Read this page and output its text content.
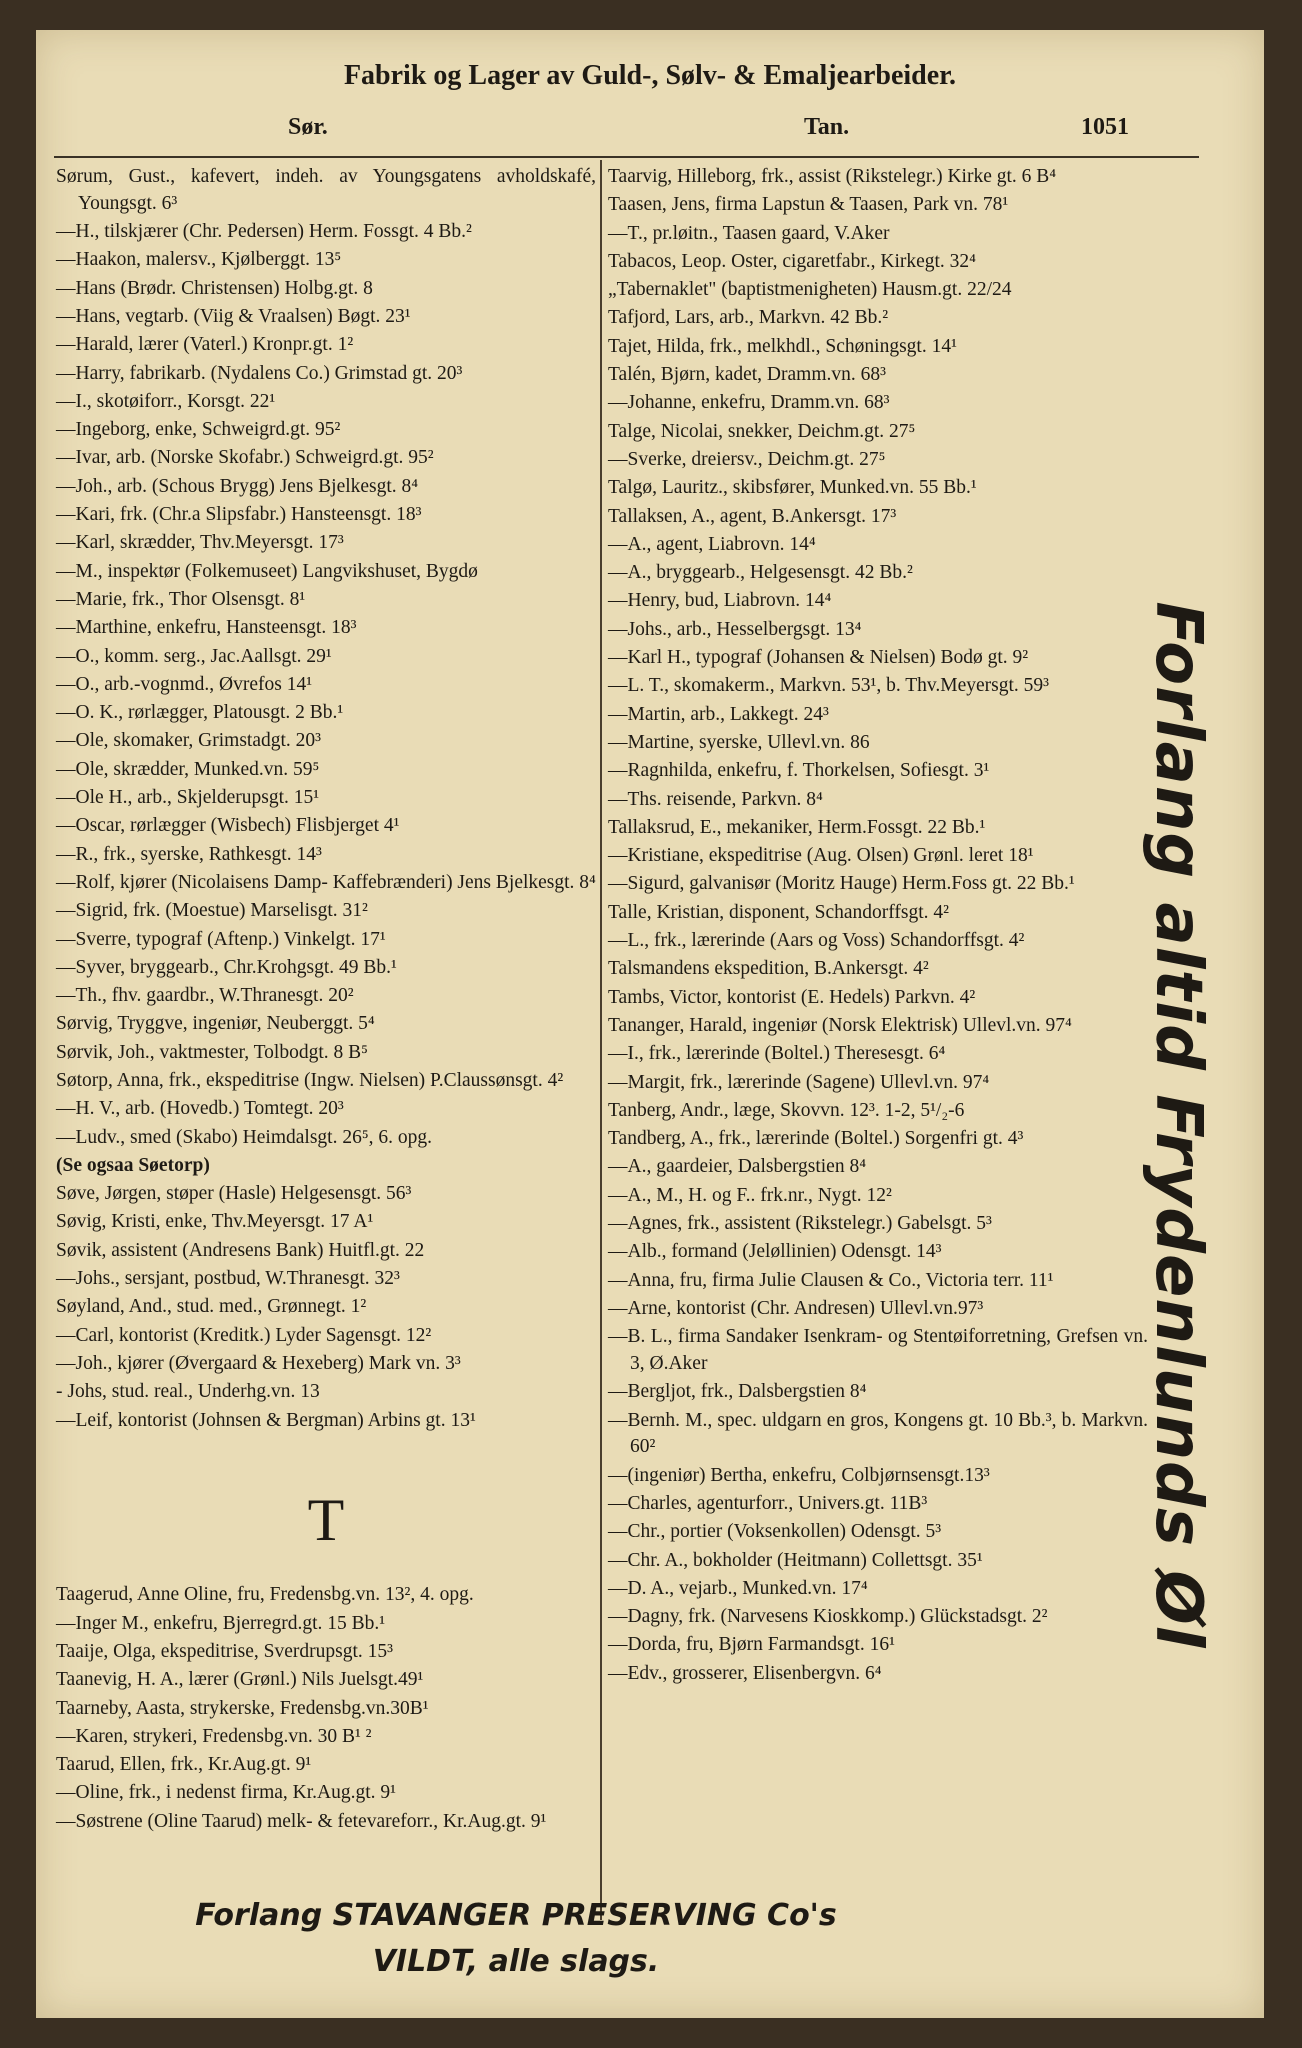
Fabrik og Lager av Guld-, Sølv- & Emaljearbeider.
Sør.	Tan.	1051

Sørum, Gust., kafevert, indeh. av Youngsgatens avholdskafé, Youngsgt. 6³

—H., tilskjærer (Chr. Pedersen) Herm. Fossgt. 4 Bb.²

—Haakon, malersv., Kjølberggt. 13⁵

—Hans (Brødr. Christensen) Holbg.gt. 8

—Hans, vegtarb. (Viig & Vraalsen) Bøgt. 23¹

—Harald, lærer (Vaterl.) Kronpr.gt. 1²

—Harry, fabrikarb. (Nydalens Co.) Grimstad gt. 20³

—I., skotøiforr., Korsgt. 22¹

—Ingeborg, enke, Schweigrd.gt. 95²

—Ivar, arb. (Norske Skofabr.) Schweigrd.gt. 95²

—Joh., arb. (Schous Brygg) Jens Bjelkesgt. 8⁴

—Kari, frk. (Chr.a Slipsfabr.) Hansteensgt. 18³

—Karl, skrædder, Thv.Meyersgt. 17³

—M., inspektør (Folkemuseet) Langvikshuset, Bygdø

—Marie, frk., Thor Olsensgt. 8¹

—Marthine, enkefru, Hansteensgt. 18³

—O., komm. serg., Jac.Aallsgt. 29¹

—O., arb.-vognmd., Øvrefos 14¹

—O. K., rørlægger, Platousgt. 2 Bb.¹

—Ole, skomaker, Grimstadgt. 20³

—Ole, skrædder, Munked.vn. 59⁵

—Ole H., arb., Skjelderupsgt. 15¹

—Oscar, rørlægger (Wisbech) Flisbjerget 4¹

—R., frk., syerske, Rathkesgt. 14³

—Rolf, kjører (Nicolaisens Damp- Kaffebrænderi) Jens Bjelkesgt. 8⁴

—Sigrid, frk. (Moestue) Marselisgt. 31²

—Sverre, typograf (Aftenp.) Vinkelgt. 17¹

—Syver, bryggearb., Chr.Krohgsgt. 49 Bb.¹

—Th., fhv. gaardbr., W.Thranesgt. 20²

Sørvig, Tryggve, ingeniør, Neuberggt. 5⁴

Sørvik, Joh., vaktmester, Tolbodgt. 8 B⁵

Søtorp, Anna, frk., ekspeditrise (Ingw. Nielsen) P.Claussønsgt. 4²

—H. V., arb. (Hovedb.) Tomtegt. 20³

—Ludv., smed (Skabo) Heimdalsgt. 26⁵, 6. opg.

(Se ogsaa Søetorp)

Søve, Jørgen, støper (Hasle) Helgesensgt. 56³

Søvig, Kristi, enke, Thv.Meyersgt. 17 A¹

Søvik, assistent (Andresens Bank) Huitfl.gt. 22

—Johs., sersjant, postbud, W.Thranesgt. 32³

Søyland, And., stud. med., Grønnegt. 1²

—Carl, kontorist (Kreditk.) Lyder Sagensgt. 12²

—Joh., kjører (Øvergaard & Hexeberg) Mark vn. 3³

- Johs, stud. real., Underhg.vn. 13

—Leif, kontorist (Johnsen & Bergman) Arbins gt. 13¹

T

Taagerud, Anne Oline, fru, Fredensbg.vn. 13², 4. opg.

—Inger M., enkefru, Bjerregrd.gt. 15 Bb.¹

Taaije, Olga, ekspeditrise, Sverdrupsgt. 15³

Taanevig, H. A., lærer (Grønl.) Nils Juelsgt.49¹

Taarneby, Aasta, strykerske, Fredensbg.vn.30B¹

—Karen, strykeri, Fredensbg.vn. 30 B¹ ²

Taarud, Ellen, frk., Kr.Aug.gt. 9¹

—Oline, frk., i nedenst firma, Kr.Aug.gt. 9¹

—Søstrene (Oline Taarud) melk- & fetevareforr., Kr.Aug.gt. 9¹

Taarvig, Hilleborg, frk., assist (Rikstelegr.) Kirke gt. 6 B⁴

Taasen, Jens, firma Lapstun & Taasen, Park vn. 78¹

—T., pr.løitn., Taasen gaard, V.Aker

Tabacos, Leop. Oster, cigaretfabr., Kirkegt. 32⁴

„Tabernaklet" (baptistmenigheten) Hausm.gt. 22/24

Tafjord, Lars, arb., Markvn. 42 Bb.²

Tajet, Hilda, frk., melkhdl., Schøningsgt. 14¹

Talén, Bjørn, kadet, Dramm.vn. 68³

—Johanne, enkefru, Dramm.vn. 68³

Talge, Nicolai, snekker, Deichm.gt. 27⁵

—Sverke, dreiersv., Deichm.gt. 27⁵

Talgø, Lauritz., skibsfører, Munked.vn. 55 Bb.¹

Tallaksen, A., agent, B.Ankersgt. 17³

—A., agent, Liabrovn. 14⁴

—A., bryggearb., Helgesensgt. 42 Bb.²

—Henry, bud, Liabrovn. 14⁴

—Johs., arb., Hesselbergsgt. 13⁴

—Karl H., typograf (Johansen & Nielsen) Bodø gt. 9²

—L. T., skomakerm., Markvn. 53¹, b. Thv.Meyersgt. 59³

—Martin, arb., Lakkegt. 24³

—Martine, syerske, Ullevl.vn. 86

—Ragnhilda, enkefru, f. Thorkelsen, Sofiesgt. 3¹

—Ths. reisende, Parkvn. 8⁴

Tallaksrud, E., mekaniker, Herm.Fossgt. 22 Bb.¹

—Kristiane, ekspeditrise (Aug. Olsen) Grønl. leret 18¹

—Sigurd, galvanisør (Moritz Hauge) Herm.Foss gt. 22 Bb.¹

Talle, Kristian, disponent, Schandorffsgt. 4²

—L., frk., lærerinde (Aars og Voss) Schandorffsgt. 4²

Talsmandens ekspedition, B.Ankersgt. 4²

Tambs, Victor, kontorist (E. Hedels) Parkvn. 4²

Tananger, Harald, ingeniør (Norsk Elektrisk) Ullevl.vn. 97⁴

—I., frk., lærerinde (Boltel.) Theresesgt. 6⁴

—Margit, frk., lærerinde (Sagene) Ullevl.vn. 97⁴

Tanberg, Andr., læge, Skovvn. 12³. 1-2, 5¹/₂-6

Tandberg, A., frk., lærerinde (Boltel.) Sorgenfri gt. 4³

—A., gaardeier, Dalsbergstien 8⁴

—A., M., H. og F.. frk.nr., Nygt. 12²

—Agnes, frk., assistent (Rikstelegr.) Gabelsgt. 5³

—Alb., formand (Jeløllinien) Odensgt. 14³

—Anna, fru, firma Julie Clausen & Co., Victoria terr. 11¹

—Arne, kontorist (Chr. Andresen) Ullevl.vn.97³

—B. L., firma Sandaker Isenkram- og Stentøiforretning, Grefsen vn. 3, Ø.Aker

—Bergljot, frk., Dalsbergstien 8⁴

—Bernh. M., spec. uldgarn en gros, Kongens gt. 10 Bb.³, b. Markvn. 60²

—(ingeniør) Bertha, enkefru, Colbjørnsensgt.13³

—Charles, agenturforr., Univers.gt. 11B³

—Chr., portier (Voksenkollen) Odensgt. 5³

—Chr. A., bokholder (Heitmann) Collettsgt. 35¹

—D. A., vejarb., Munked.vn. 17⁴

—Dagny, frk. (Narvesens Kioskkomp.) Glückstadsgt. 2²

—Dorda, fru, Bjørn Farmandsgt. 16¹

—Edv., grosserer, Elisenbergvn. 6⁴

Forlang altid Frydenlunds Øl
Forlang STAVANGER PRESERVING Co's
VILDT, alle slags.
